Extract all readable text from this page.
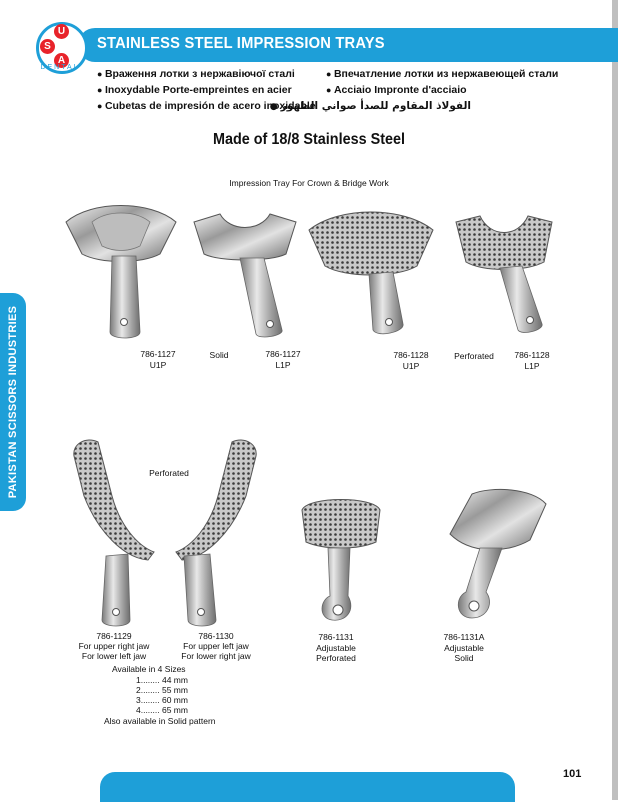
STAINLESS STEEL IMPRESSION TRAYS
U
S
A
DENTAL
● Враження лотки з нержавіючої сталі
● Inoxydable Porte-empreintes en acier
● Cubetas de impresión de acero inoxidable
● Впечатление лотки из нержавеющей стали
● Acciaio Impronte d'acciaio
الفولاذ المقاوم للصدأ صواني الظهور ●
Made of 18/8 Stainless Steel
Impression Tray For Crown & Bridge Work
786-1127
U1P
Solid	786-1127
L1P
786-1128
U1P
Perforated	786-1128
L1P
PAKISTAN SCISSORS INDUSTRIES	Perforated
786-1129
For upper right jaw
For lower left jaw
786-1130
For upper left jaw
For lower right jaw
786-1131
Adjustable
Perforated
786-1131A
Adjustable
Solid
Available in 4 Sizes
1........ 44 mm
2........ 55 mm
3........ 60 mm
4........ 65 mm
Also available in Solid pattern
101
